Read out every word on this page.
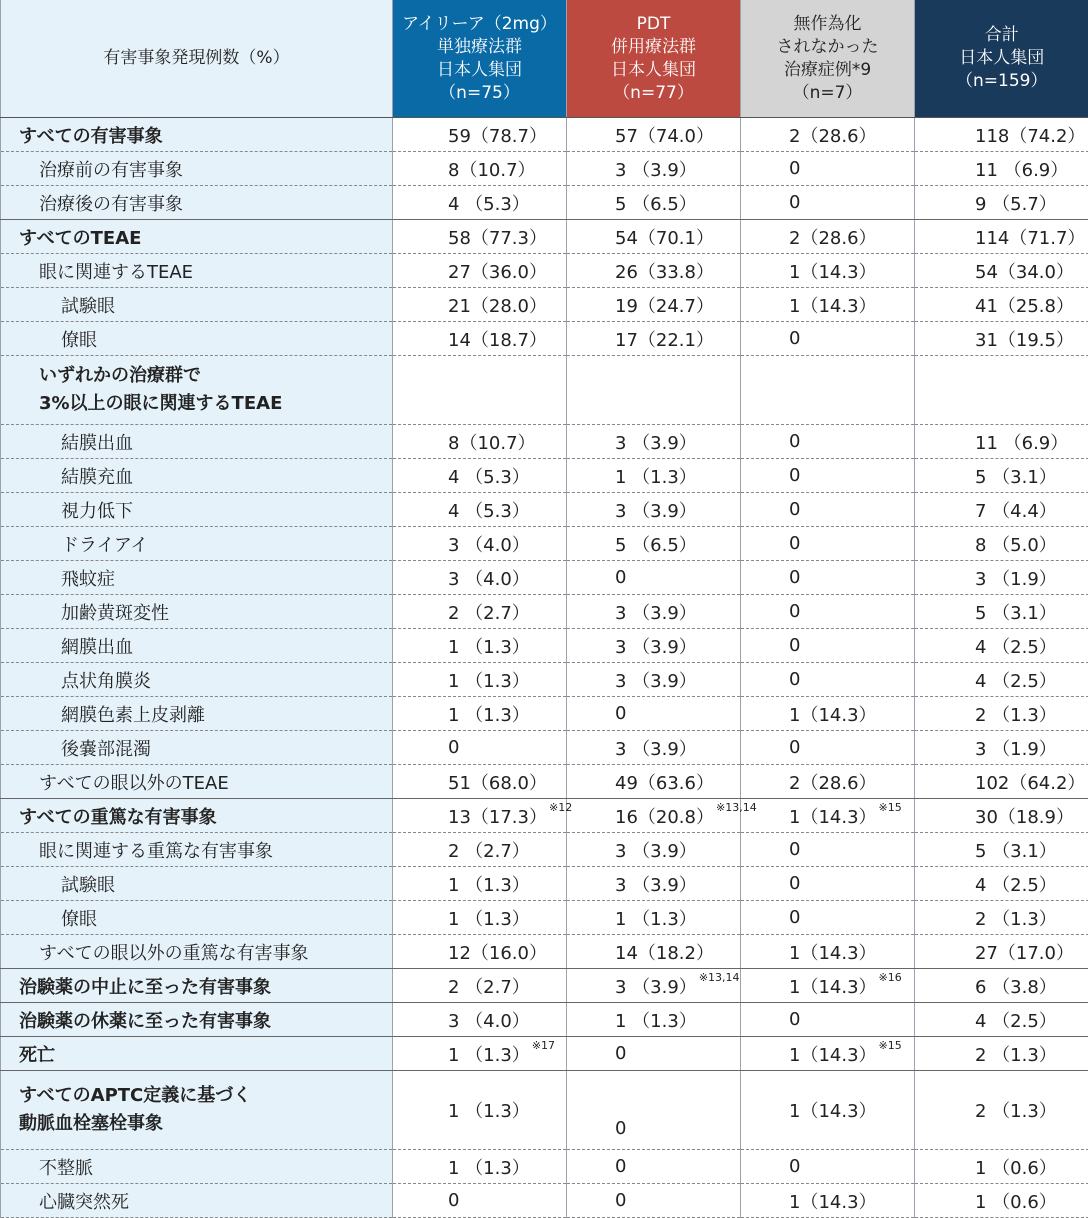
有害事象発現例数（%）	アイリーア（2mg）
単独療法群
日本人集団
（n=75）	PDT
併用療法群
日本人集団
（n=77）	無作為化
されなかった
治療症例*9
（n=7）	合計
日本人集団
（n=159）

すべての有害事象	59（78.7）	57（74.0）	2（28.6）	118（74.2）
治療前の有害事象	8（10.7）	3 （3.9）	0	11 （6.9）
治療後の有害事象	4 （5.3）	5 （6.5）	0	9 （5.7）
すべてのTEAE	58（77.3）	54（70.1）	2（28.6）	114（71.7）
眼に関連するTEAE	27（36.0）	26（33.8）	1（14.3）	54（34.0）
試験眼	21（28.0）	19（24.7）	1（14.3）	41（25.8）
僚眼	14（18.7）	17（22.1）	0	31（19.5）
いずれかの治療群で
3%以上の眼に関連するTEAE				
結膜出血	8（10.7）	3 （3.9）	0	11 （6.9）
結膜充血	4 （5.3）	1 （1.3）	0	5 （3.1）
視力低下	4 （5.3）	3 （3.9）	0	7 （4.4）
ドライアイ	3 （4.0）	5 （6.5）	0	8 （5.0）
飛蚊症	3 （4.0）	0	0	3 （1.9）
加齢黄斑変性	2 （2.7）	3 （3.9）	0	5 （3.1）
網膜出血	1 （1.3）	3 （3.9）	0	4 （2.5）
点状角膜炎	1 （1.3）	3 （3.9）	0	4 （2.5）
網膜色素上皮剥離	1 （1.3）	0	1（14.3）	2 （1.3）
後嚢部混濁	0	3 （3.9）	0	3 （1.9）
すべての眼以外のTEAE	51（68.0）	49（63.6）	2（28.6）	102（64.2）
すべての重篤な有害事象	13（17.3） $^{※12}$	16（20.8） $^{※13,14}$	1（14.3） $^{※15}$	30（18.9）
眼に関連する重篤な有害事象	2 （2.7）	3 （3.9）	0	5 （3.1）
試験眼	1 （1.3）	3 （3.9）	0	4 （2.5）
僚眼	1 （1.3）	1 （1.3）	0	2 （1.3）
すべての眼以外の重篤な有害事象	12（16.0）	14（18.2）	1（14.3）	27（17.0）
治験薬の中止に至った有害事象	2 （2.7）	3 （3.9） $^{※13,14}$	1（14.3） $^{※16}$	6 （3.8）
治験薬の休薬に至った有害事象	3 （4.0）	1 （1.3）	0	4 （2.5）
死亡	1 （1.3） $^{※17}$	0	1（14.3） $^{※15}$	2 （1.3）
すべてのAPTC定義に基づく
動脈血栓塞栓事象	1 （1.3）	0	1（14.3）	2 （1.3）
不整脈	1 （1.3）	0	0	1 （0.6）
心臓突然死	0	0	1（14.3）	1 （0.6）
